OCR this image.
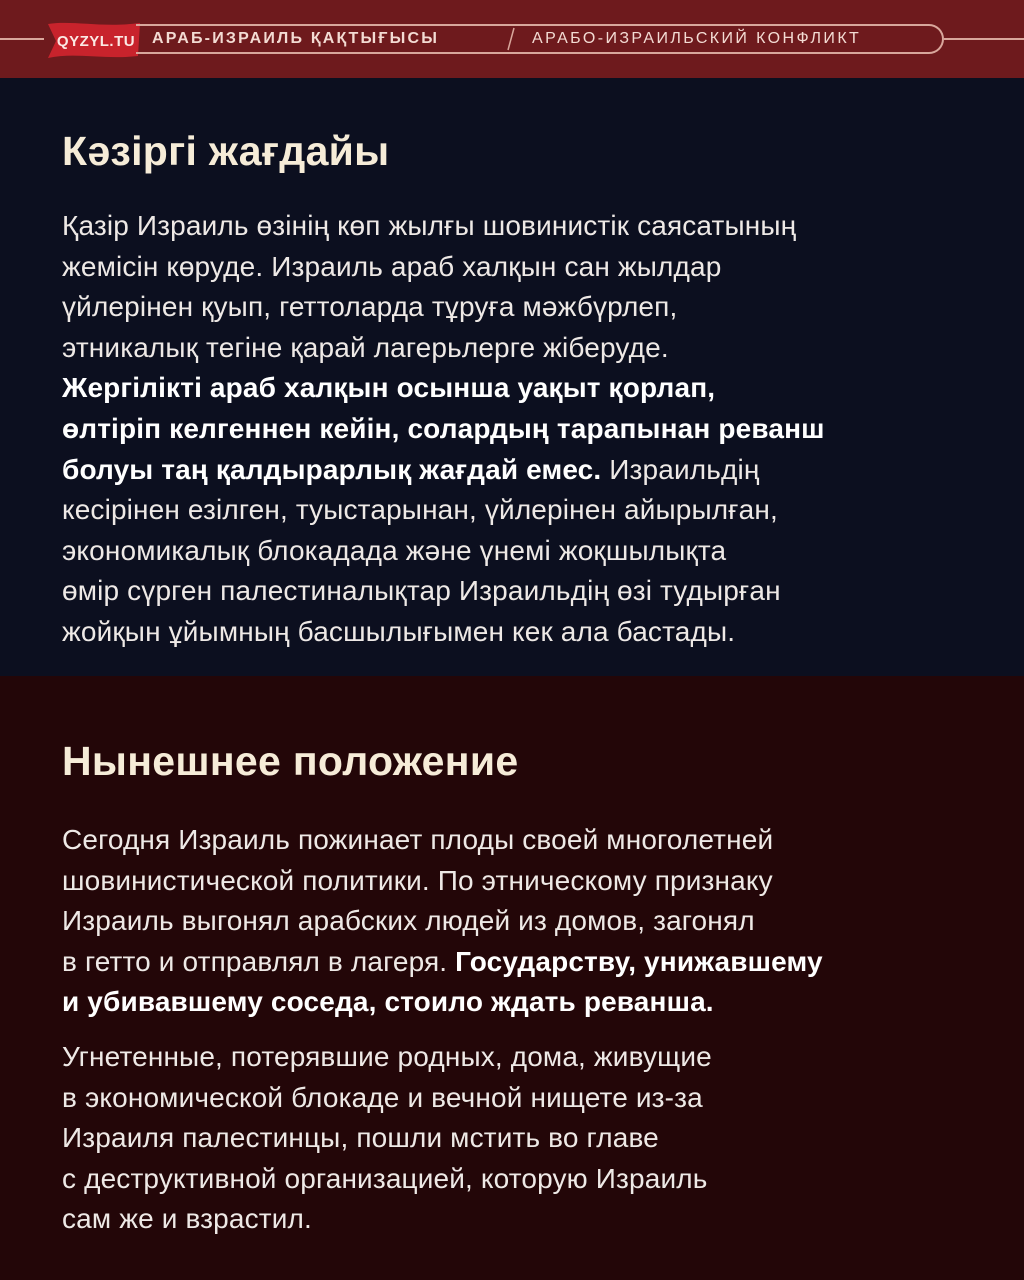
QYZYL.TU АРАБ-ИЗРАИЛЬ ҚАҚТЫҒЫСЫ	АРАБО-ИЗРАИЛЬСКИЙ КОНФЛИКТ
Кәзіргі жағдайы

Қазір Израиль өзінің көп жылғы шовинистік саясатының
жемісін көруде. Израиль араб халқын сан жылдар
үйлерінен қуып, геттоларда тұруға мәжбүрлеп,
этникалық тегіне қарай лагерьлерге жіберуде.
Жергілікті араб халқын осынша уақыт қорлап,
өлтіріп келгеннен кейін, солардың тарапынан реванш
болуы таң қалдырарлық жағдай емес. Израильдің
кесірінен езілген, туыстарынан, үйлерінен айырылған,
экономикалық блокадада және үнемі жоқшылықта
өмір сүрген палестиналықтар Израильдің өзі тудырған
жойқын ұйымның басшылығымен кек ала бастады.

Нынешнее положение

Сегодня Израиль пожинает плоды своей многолетней
шовинистической политики. По этническому признаку
Израиль выгонял арабских людей из домов, загонял
в гетто и отправлял в лагеря. Государству, унижавшему
и убивавшему соседа, стоило ждать реванша.

Угнетенные, потерявшие родных, дома, живущие
в экономической блокаде и вечной нищете из-за
Израиля палестинцы, пошли мстить во главе
с деструктивной организацией, которую Израиль
сам же и взрастил.
